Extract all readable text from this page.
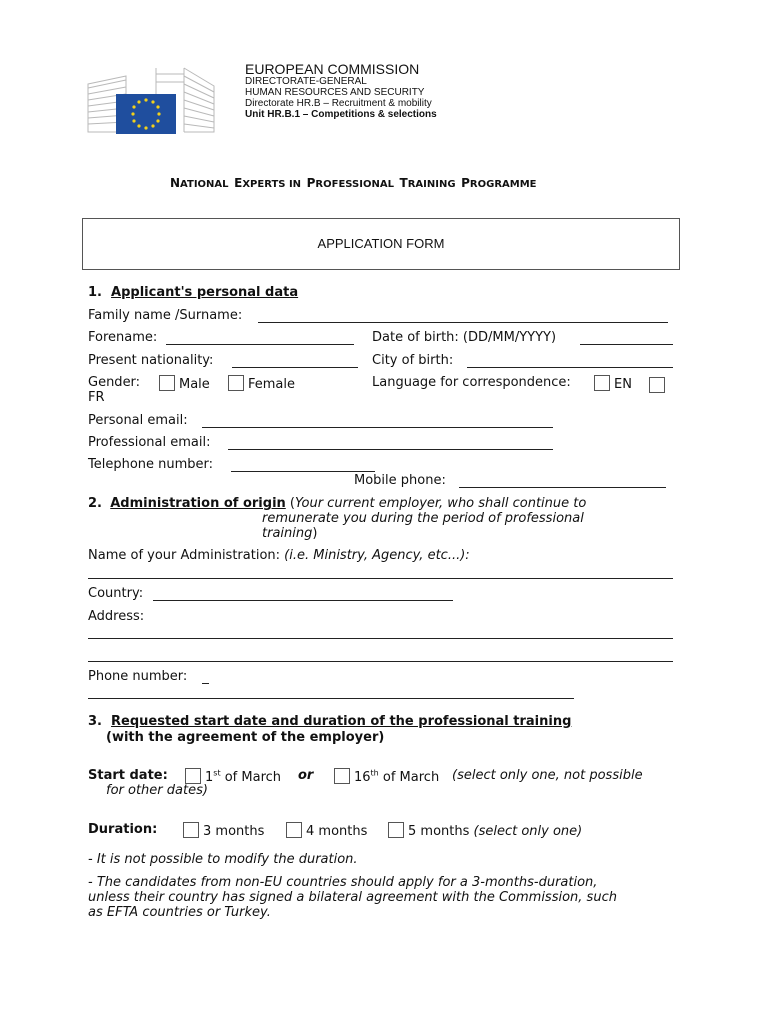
EUROPEAN COMMISSION
DIRECTORATE-GENERAL
HUMAN RESOURCES AND SECURITY
Directorate HR.B – Recruitment & mobility
Unit HR.B.1 – Competitions & selections
NATIONAL EXPERTS IN PROFESSIONAL TRAINING PROGRAMME
APPLICATION FORM
1. Applicant's personal data
Family name /Surname:
Forename:	Date of birth: (DD/MM/YYYY)
Present nationality:	City of birth:
Gender:	Male	Female	Language for correspondence:	EN
FR
Personal email:
Professional email:
Telephone number:
Mobile phone:
2. Administration of origin (Your current employer, who shall continue to
remunerate you during the period of professional
training)
Name of your Administration: (i.e. Ministry, Agency, etc...):
Country:
Address:
Phone number:
3. Requested start date and duration of the professional training
(with the agreement of the employer)
Start date:	1st of March or	16th of March (select only one, not possible
for other dates)
Duration:	3 months	4 months	5 months (select only one)
- It is not possible to modify the duration.
- The candidates from non-EU countries should apply for a 3-months-duration,
unless their country has signed a bilateral agreement with the Commission, such
as EFTA countries or Turkey.
